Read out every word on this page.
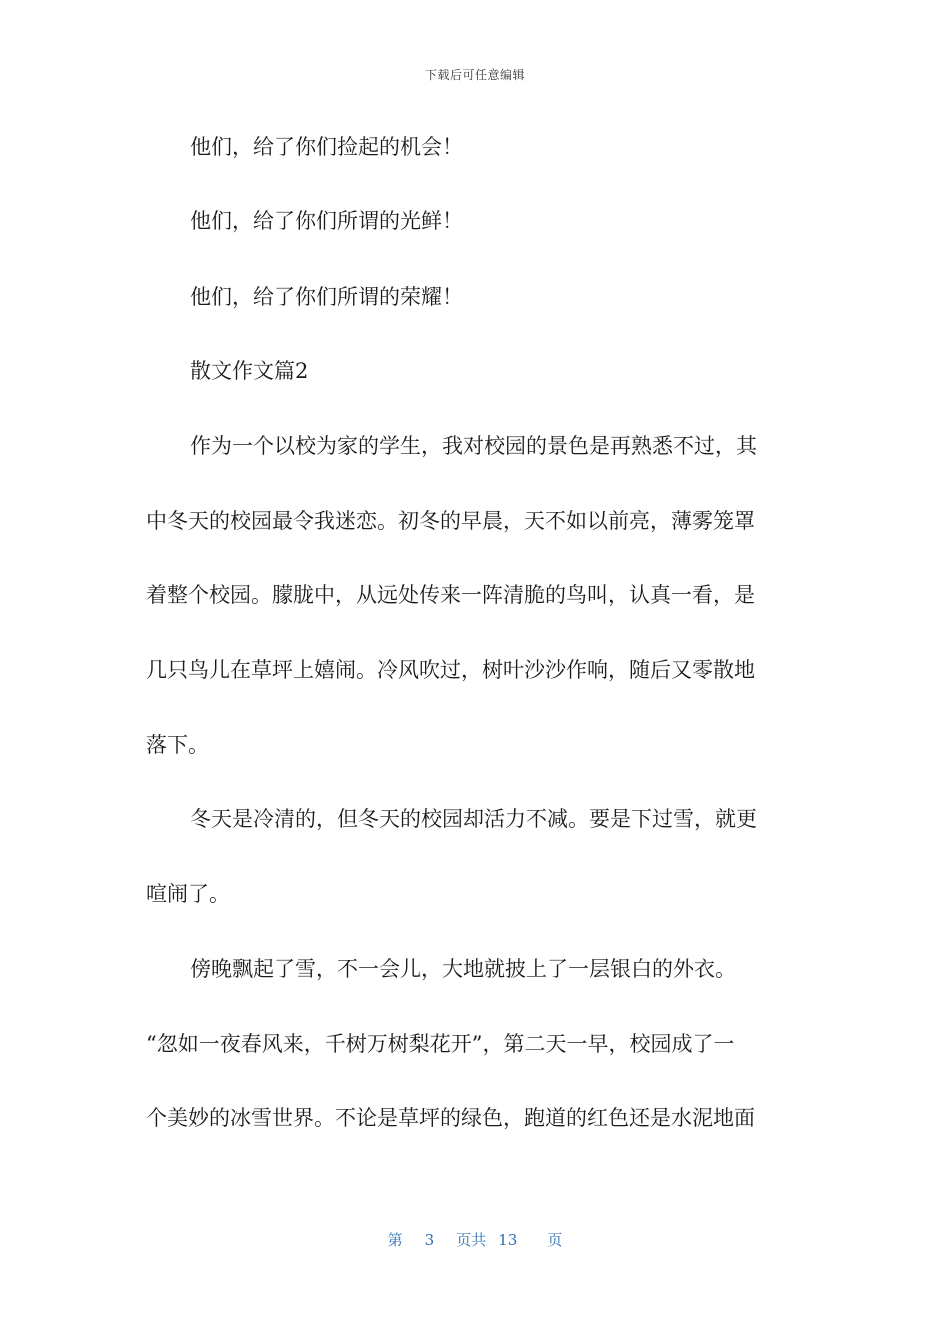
下载后可任意编辑
他们，给了你们捡起的机会！
他们，给了你们所谓的光鲜！
他们，给了你们所谓的荣耀！
散文作文篇2
作为一个以校为家的学生，我对校园的景色是再熟悉不过，其
中冬天的校园最令我迷恋。初冬的早晨，天不如以前亮，薄雾笼罩
着整个校园。朦胧中，从远处传来一阵清脆的鸟叫，认真一看，是
几只鸟儿在草坪上嬉闹。冷风吹过，树叶沙沙作响，随后又零散地
落下。
冬天是冷清的，但冬天的校园却活力不减。要是下过雪，就更
喧闹了。
傍晚飘起了雪，不一会儿，大地就披上了一层银白的外衣。
“忽如一夜春风来，千树万树梨花开”，第二天一早，校园成了一
个美妙的冰雪世界。不论是草坪的绿色，跑道的红色还是水泥地面
第 3 页共 13 页
